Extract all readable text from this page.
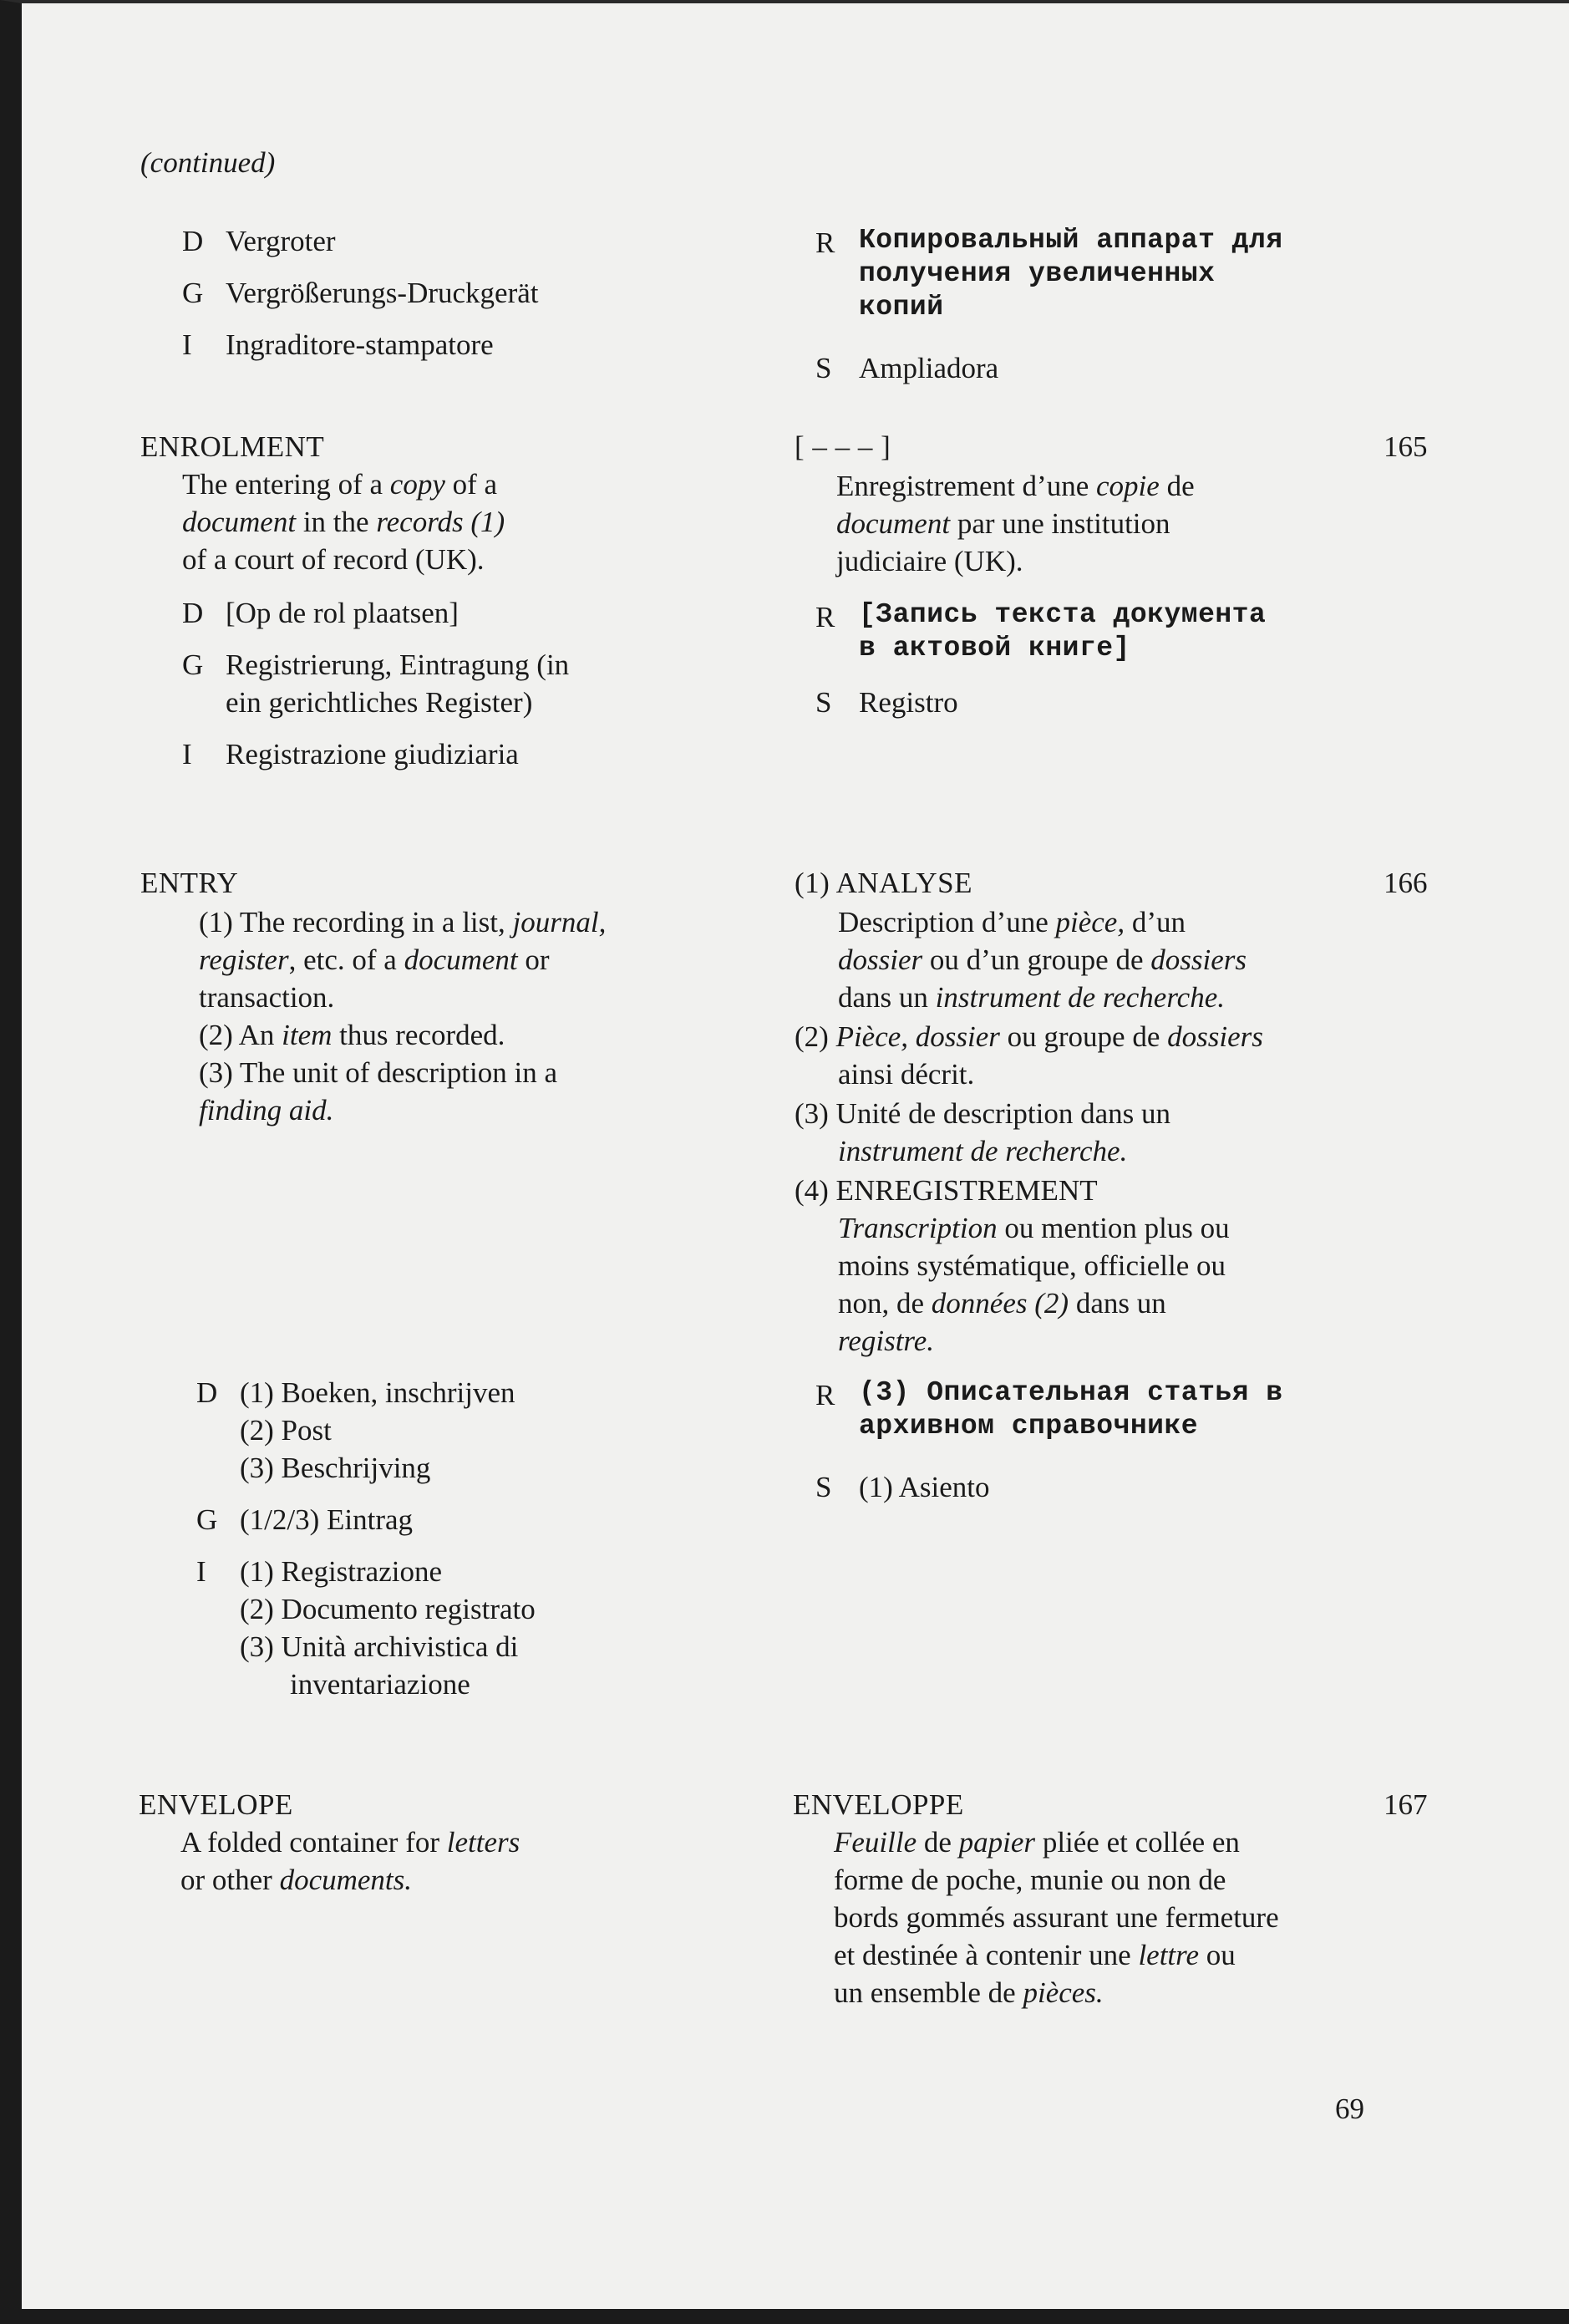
(continued)
D Vergroter
G Vergrößerungs-Druckgerät
I Ingraditore-stampatore
R Копировальный аппарат для
получения увеличенных
копий
S Ampliadora
ENROLMENT
The entering of a copy of a
document in the records (1)
of a court of record (UK).
D [Op de rol plaatsen]
G Registrierung, Eintragung (in
ein gerichtliches Register)
I Registrazione giudiziaria
[ – – – ]	165
Enregistrement d’une copie de
document par une institution
judiciaire (UK).
R [Запись текста документа
в актовой книге]
S Registro
ENTRY
(1) The recording in a list, journal,
register, etc. of a document or
transaction.
(2) An item thus recorded.
(3) The unit of description in a
finding aid.
D (1) Boeken, inschrijven
(2) Post
(3) Beschrijving
G (1/2/3) Eintrag
I	(1) Registrazione
(2) Documento registrato
(3) Unità archivistica di
inventariazione
(1) ANALYSE	166
Description d’une pièce, d’un
dossier ou d’un groupe de dossiers
dans un instrument de recherche.
(2) Pièce, dossier ou groupe de dossiers
ainsi décrit.
(3) Unité de description dans un
instrument de recherche.
(4) ENREGISTREMENT
Transcription ou mention plus ou
moins systématique, officielle ou
non, de données (2) dans un
registre.
R (3) Описательная статья в
архивном справочнике
S (1) Asiento
ENVELOPE
A folded container for letters
or other documents.
ENVELOPPE	167
Feuille de papier pliée et collée en
forme de poche, munie ou non de
bords gommés assurant une fermeture
et destinée à contenir une lettre ou
un ensemble de pièces.
69
